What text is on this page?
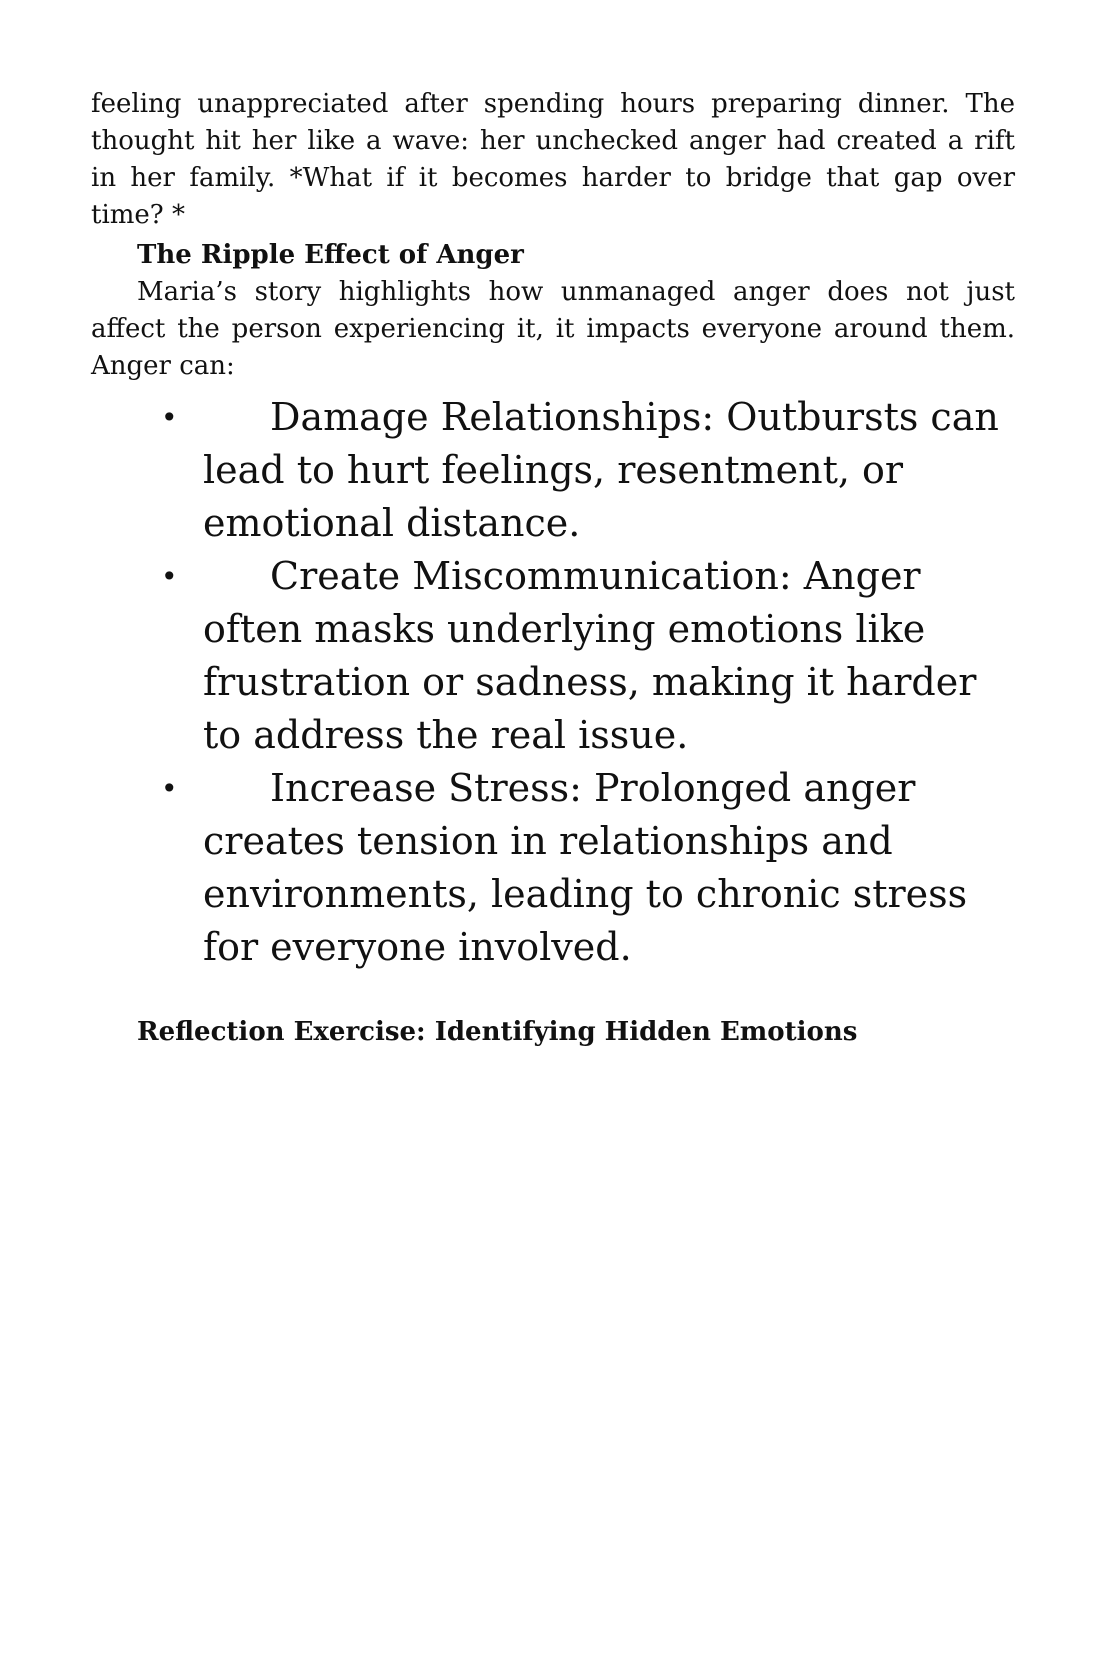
feeling unappreciated after spending hours preparing dinner. The thought hit her like a wave: her unchecked anger had created a rift in her family. *What if it becomes harder to bridge that gap over time? *

The Ripple Effect of Anger

Maria’s story highlights how unmanaged anger does not just affect the person experiencing it, it impacts everyone around them. Anger can:

• Damage Relationships: Outbursts can lead to hurt feelings, resentment, or emotional distance.
• Create Miscommunication: Anger often masks underlying emotions like frustration or sadness, making it harder to address the real issue.
• Increase Stress: Prolonged anger creates tension in relationships and environments, leading to chronic stress for everyone involved.
Reflection Exercise: Identifying Hidden Emotions
